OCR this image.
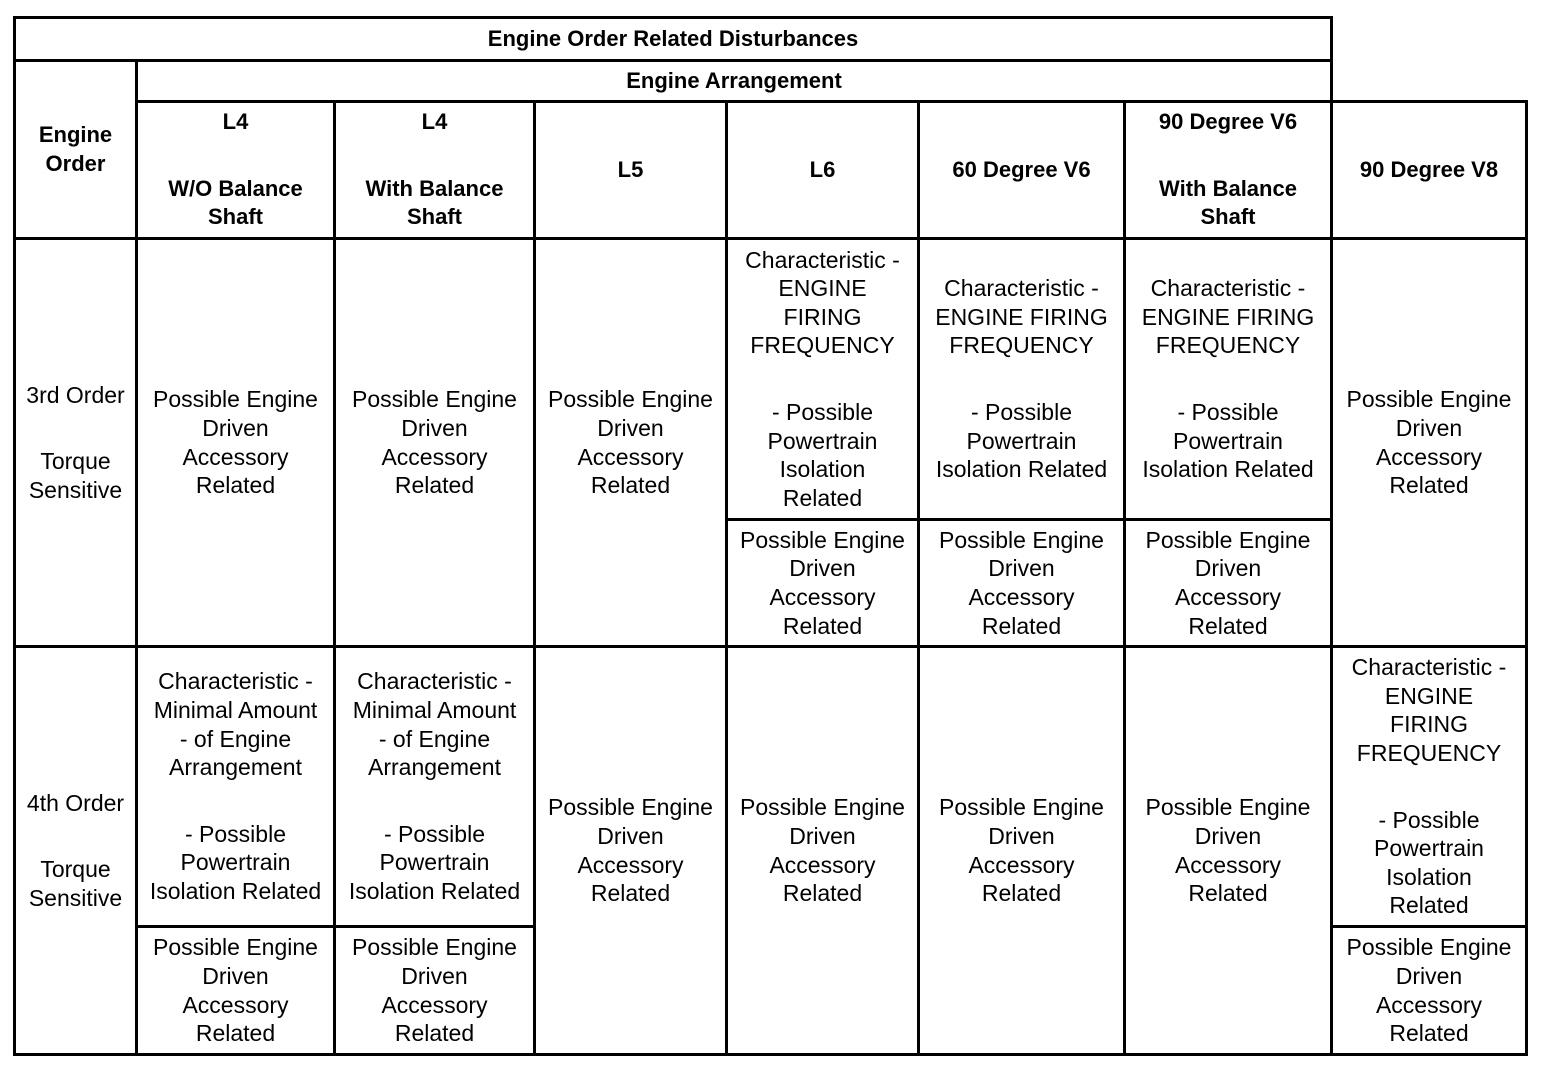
Engine Order Related Disturbances
Engine Arrangement
Engine
Order
L4
W/O Balance
Shaft
L4
With Balance
Shaft
L5	L6	60 Degree V6
90 Degree V6
With Balance
Shaft
90 Degree V8
3rd Order
Torque
Sensitive
4th Order
Torque
Sensitive
Possible Engine
Driven
Accessory
Related
Possible Engine
Driven
Accessory
Related
Possible Engine
Driven
Accessory
Related
Characteristic -
ENGINE
FIRING
FREQUENCY
- Possible
Powertrain
Isolation
Related
Characteristic -
ENGINE FIRING
FREQUENCY
- Possible
Powertrain
Isolation Related
Characteristic -
ENGINE FIRING
FREQUENCY
- Possible
Powertrain
Isolation Related
Possible Engine
Driven
Accessory
Related
Possible Engine
Driven
Accessory
Related
Possible Engine
Driven
Accessory
Related
Possible Engine
Driven
Accessory
Related
Characteristic -
Minimal Amount
- of Engine
Arrangement
- Possible
Powertrain
Isolation Related
Characteristic -
Minimal Amount
- of Engine
Arrangement
- Possible
Powertrain
Isolation Related
Possible Engine
Driven
Accessory
Related
Possible Engine
Driven
Accessory
Related
Possible Engine
Driven
Accessory
Related
Possible Engine
Driven
Accessory
Related
Possible Engine
Driven
Accessory
Related
Possible Engine
Driven
Accessory
Related
Characteristic -
ENGINE
FIRING
FREQUENCY
- Possible
Powertrain
Isolation
Related
Possible Engine
Driven
Accessory
Related
